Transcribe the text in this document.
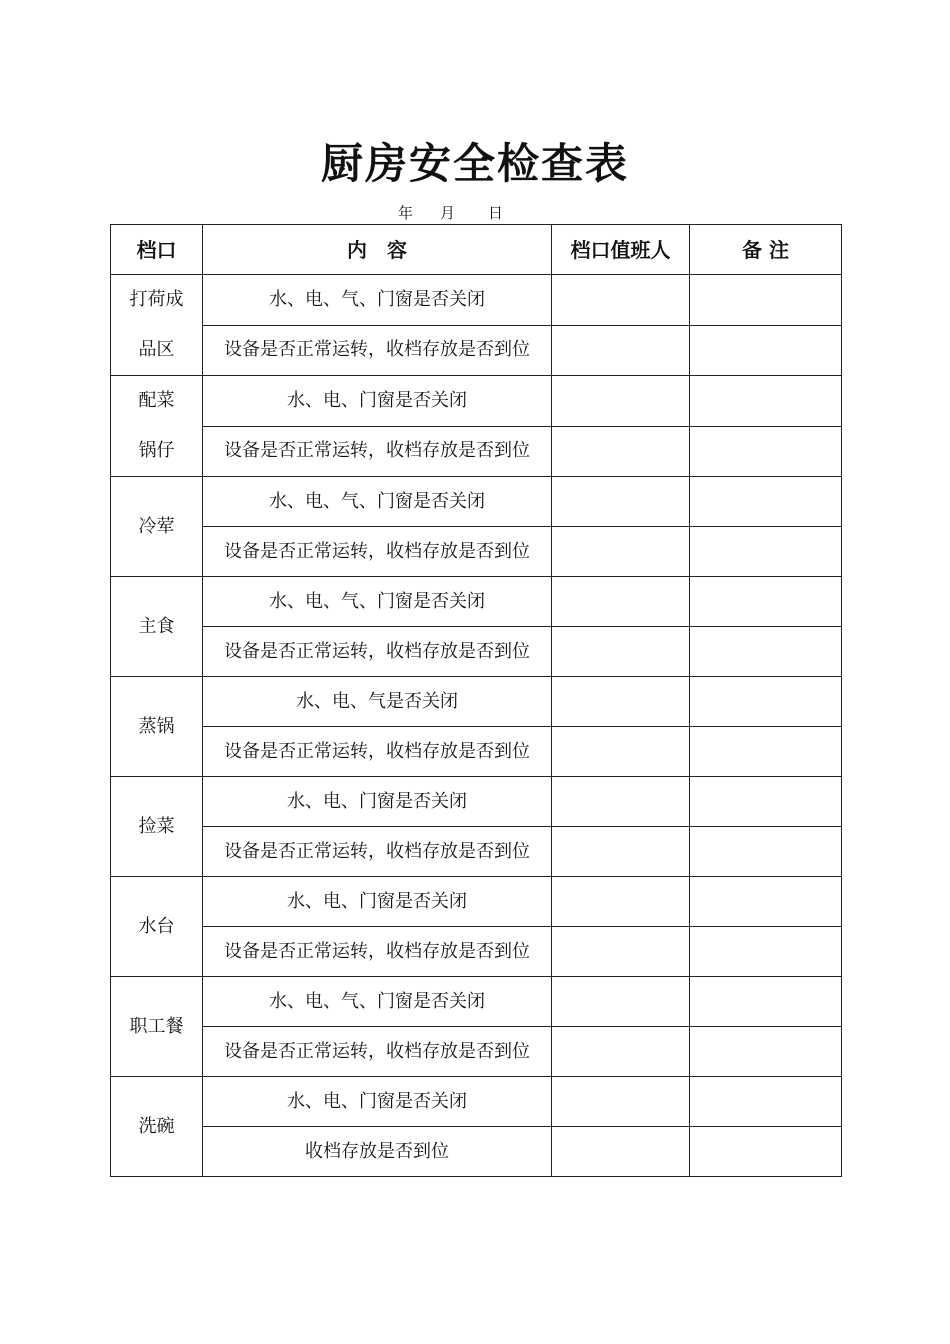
厨房安全检查表
年 月 日
档口	内　容	档口值班人	备 注

打荷成
品区	水、电、气、门窗是否关闭		
	设备是否正常运转，收档存放是否到位		

配菜
锅仔	水、电、门窗是否关闭		
	设备是否正常运转，收档存放是否到位		
冷荤	水、电、气、门窗是否关闭		
	设备是否正常运转，收档存放是否到位		
主食	水、电、气、门窗是否关闭		
	设备是否正常运转，收档存放是否到位		
蒸锅	水、电、气是否关闭		
	设备是否正常运转，收档存放是否到位		
捡菜	水、电、门窗是否关闭		
	设备是否正常运转，收档存放是否到位		
水台	水、电、门窗是否关闭		
	设备是否正常运转，收档存放是否到位		
职工餐	水、电、气、门窗是否关闭		
	设备是否正常运转，收档存放是否到位		
洗碗	水、电、门窗是否关闭		
	收档存放是否到位		
